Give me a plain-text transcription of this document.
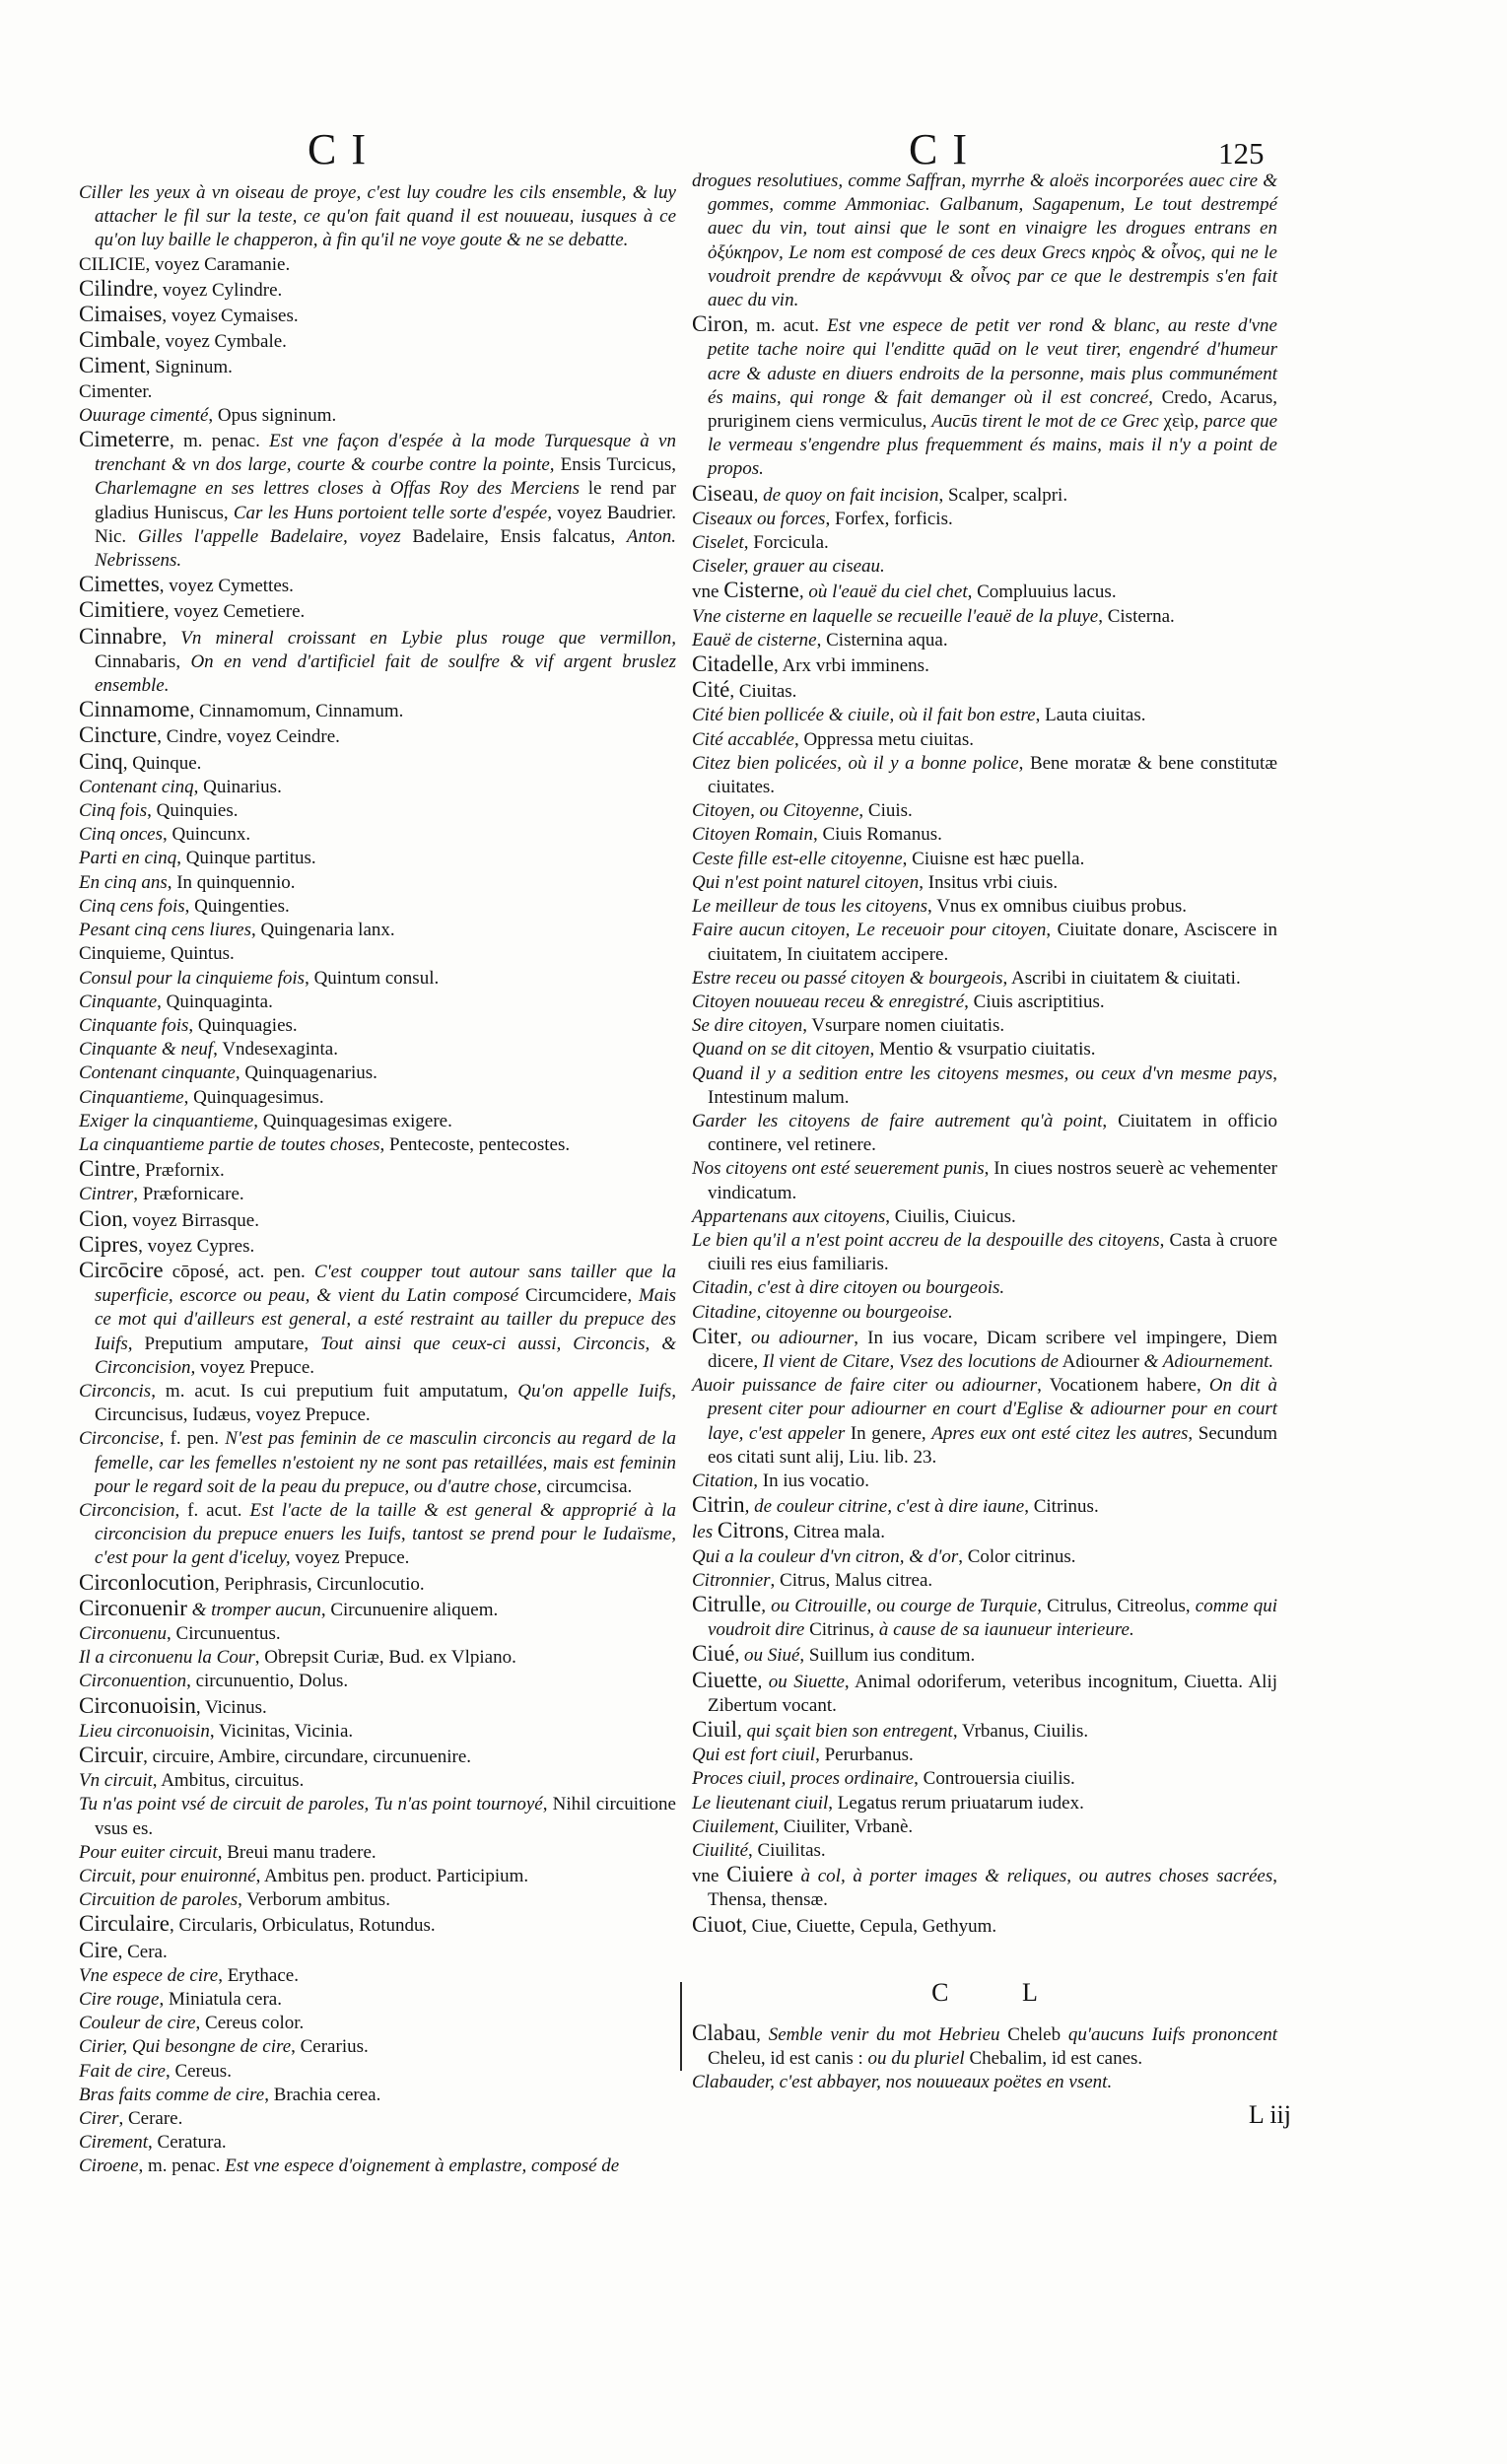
C I	C I	125

Ciller les yeux à vn oiseau de proye, c'est luy coudre les cils ensemble, & luy attacher le fil sur la teste, ce qu'on fait quand il est nouueau, iusques à ce qu'on luy baille le chapperon, à fin qu'il ne voye goute & ne se debatte.

CILICIE, voyez Caramanie.

Cilindre, voyez Cylindre.

Cimaises, voyez Cymaises.

Cimbale, voyez Cymbale.

Ciment, Signinum.

Cimenter.

Ouurage cimenté, Opus signinum.

Cimeterre, m. penac. Est vne façon d'espée à la mode Turquesque à vn trenchant & vn dos large, courte & courbe contre la pointe, Ensis Turcicus, Charlemagne en ses lettres closes à Offas Roy des Merciens le rend par gladius Huniscus, Car les Huns portoient telle sorte d'espée, voyez Baudrier. Nic. Gilles l'appelle Badelaire, voyez Badelaire, Ensis falcatus, Anton. Nebrissens.

Cimettes, voyez Cymettes.

Cimitiere, voyez Cemetiere.

Cinnabre, Vn mineral croissant en Lybie plus rouge que vermillon, Cinnabaris, On en vend d'artificiel fait de soulfre & vif argent bruslez ensemble.

Cinnamome, Cinnamomum, Cinnamum.

Cincture, Cindre, voyez Ceindre.

Cinq, Quinque.

Contenant cinq, Quinarius.

Cinq fois, Quinquies.

Cinq onces, Quincunx.

Parti en cinq, Quinque partitus.

En cinq ans, In quinquennio.

Cinq cens fois, Quingenties.

Pesant cinq cens liures, Quingenaria lanx.

Cinquieme, Quintus.

Consul pour la cinquieme fois, Quintum consul.

Cinquante, Quinquaginta.

Cinquante fois, Quinquagies.

Cinquante & neuf, Vndesexaginta.

Contenant cinquante, Quinquagenarius.

Cinquantieme, Quinquagesimus.

Exiger la cinquantieme, Quinquagesimas exigere.

La cinquantieme partie de toutes choses, Pentecoste, pentecostes.

Cintre, Præfornix.

Cintrer, Præfornicare.

Cion, voyez Birrasque.

Cipres, voyez Cypres.

Circōcire cōposé, act. pen. C'est coupper tout autour sans tailler que la superficie, escorce ou peau, & vient du Latin composé Circumcidere, Mais ce mot qui d'ailleurs est general, a esté restraint au tailler du prepuce des Iuifs, Preputium amputare, Tout ainsi que ceux-ci aussi, Circoncis, & Circoncision, voyez Prepuce.

Circoncis, m. acut. Is cui preputium fuit amputatum, Qu'on appelle Iuifs, Circuncisus, Iudæus, voyez Prepuce.

Circoncise, f. pen. N'est pas feminin de ce masculin circoncis au regard de la femelle, car les femelles n'estoient ny ne sont pas retaillées, mais est feminin pour le regard soit de la peau du prepuce, ou d'autre chose, circumcisa.

Circoncision, f. acut. Est l'acte de la taille & est general & approprié à la circoncision du prepuce enuers les Iuifs, tantost se prend pour le Iudaïsme, c'est pour la gent d'iceluy, voyez Prepuce.

Circonlocution, Periphrasis, Circunlocutio.

Circonuenir & tromper aucun, Circunuenire aliquem.

Circonuenu, Circunuentus.

Il a circonuenu la Cour, Obrepsit Curiæ, Bud. ex Vlpiano.

Circonuention, circunuentio, Dolus.

Circonuoisin, Vicinus.

Lieu circonuoisin, Vicinitas, Vicinia.

Circuir, circuire, Ambire, circundare, circunuenire.

Vn circuit, Ambitus, circuitus.

Tu n'as point vsé de circuit de paroles, Tu n'as point tournoyé, Nihil circuitione vsus es.

Pour euiter circuit, Breui manu tradere.

Circuit, pour enuironné, Ambitus pen. product. Participium.

Circuition de paroles, Verborum ambitus.

Circulaire, Circularis, Orbiculatus, Rotundus.

Cire, Cera.

Vne espece de cire, Erythace.

Cire rouge, Miniatula cera.

Couleur de cire, Cereus color.

Cirier, Qui besongne de cire, Cerarius.

Fait de cire, Cereus.

Bras faits comme de cire, Brachia cerea.

Cirer, Cerare.

Cirement, Ceratura.

Ciroene, m. penac. Est vne espece d'oignement à emplastre, composé de

drogues resolutiues, comme Saffran, myrrhe & aloës incorporées auec cire & gommes, comme Ammoniac. Galbanum, Sagapenum, Le tout destrempé auec du vin, tout ainsi que le sont en vinaigre les drogues entrans en ὀξύκηρον, Le nom est composé de ces deux Grecs κηρὸς & οἶνος, qui ne le voudroit prendre de κεράννυμι & οἶνος par ce que le destrempis s'en fait auec du vin.

Ciron, m. acut. Est vne espece de petit ver rond & blanc, au reste d'vne petite tache noire qui l'enditte quād on le veut tirer, engendré d'humeur acre & aduste en diuers endroits de la personne, mais plus communément és mains, qui ronge & fait demanger où il est concreé, Credo, Acarus, pruriginem ciens vermiculus, Aucūs tirent le mot de ce Grec χεὶρ, parce que le vermeau s'engendre plus frequemment és mains, mais il n'y a point de propos.

Ciseau, de quoy on fait incision, Scalper, scalpri.

Ciseaux ou forces, Forfex, forficis.

Ciselet, Forcicula.

Ciseler, grauer au ciseau.

vne Cisterne, où l'eauë du ciel chet, Compluuius lacus.

Vne cisterne en laquelle se recueille l'eauë de la pluye, Cisterna.

Eauë de cisterne, Cisternina aqua.

Citadelle, Arx vrbi imminens.

Cité, Ciuitas.

Cité bien pollicée & ciuile, où il fait bon estre, Lauta ciuitas.

Cité accablée, Oppressa metu ciuitas.

Citez bien policées, où il y a bonne police, Bene moratæ & bene constitutæ ciuitates.

Citoyen, ou Citoyenne, Ciuis.

Citoyen Romain, Ciuis Romanus.

Ceste fille est-elle citoyenne, Ciuisne est hæc puella.

Qui n'est point naturel citoyen, Insitus vrbi ciuis.

Le meilleur de tous les citoyens, Vnus ex omnibus ciuibus probus.

Faire aucun citoyen, Le receuoir pour citoyen, Ciuitate donare, Asciscere in ciuitatem, In ciuitatem accipere.

Estre receu ou passé citoyen & bourgeois, Ascribi in ciuitatem & ciuitati.

Citoyen nouueau receu & enregistré, Ciuis ascriptitius.

Se dire citoyen, Vsurpare nomen ciuitatis.

Quand on se dit citoyen, Mentio & vsurpatio ciuitatis.

Quand il y a sedition entre les citoyens mesmes, ou ceux d'vn mesme pays, Intestinum malum.

Garder les citoyens de faire autrement qu'à point, Ciuitatem in officio continere, vel retinere.

Nos citoyens ont esté seuerement punis, In ciues nostros seuerè ac vehementer vindicatum.

Appartenans aux citoyens, Ciuilis, Ciuicus.

Le bien qu'il a n'est point accreu de la despouille des citoyens, Casta à cruore ciuili res eius familiaris.

Citadin, c'est à dire citoyen ou bourgeois.

Citadine, citoyenne ou bourgeoise.

Citer, ou adiourner, In ius vocare, Dicam scribere vel impingere, Diem dicere, Il vient de Citare, Vsez des locutions de Adiourner & Adiournement.

Auoir puissance de faire citer ou adiourner, Vocationem habere, On dit à present citer pour adiourner en court d'Eglise & adiourner pour en court laye, c'est appeler In genere, Apres eux ont esté citez les autres, Secundum eos citati sunt alij, Liu. lib. 23.

Citation, In ius vocatio.

Citrin, de couleur citrine, c'est à dire iaune, Citrinus.

les Citrons, Citrea mala.

Qui a la couleur d'vn citron, & d'or, Color citrinus.

Citronnier, Citrus, Malus citrea.

Citrulle, ou Citrouille, ou courge de Turquie, Citrulus, Citreolus, comme qui voudroit dire Citrinus, à cause de sa iaunueur interieure.

Ciué, ou Siué, Suillum ius conditum.

Ciuette, ou Siuette, Animal odoriferum, veteribus incognitum, Ciuetta. Alij Zibertum vocant.

Ciuil, qui sçait bien son entregent, Vrbanus, Ciuilis.

Qui est fort ciuil, Perurbanus.

Proces ciuil, proces ordinaire, Controuersia ciuilis.

Le lieutenant ciuil, Legatus rerum priuatarum iudex.

Ciuilement, Ciuiliter, Vrbanè.

Ciuilité, Ciuilitas.

vne Ciuiere à col, à porter images & reliques, ou autres choses sacrées, Thensa, thensæ.

Ciuot, Ciue, Ciuette, Cepula, Gethyum.

C L

Clabau, Semble venir du mot Hebrieu Cheleb qu'aucuns Iuifs prononcent Cheleu, id est canis : ou du pluriel Chebalim, id est canes.

Clabauder, c'est abbayer, nos nouueaux poëtes en vsent.

L iij
